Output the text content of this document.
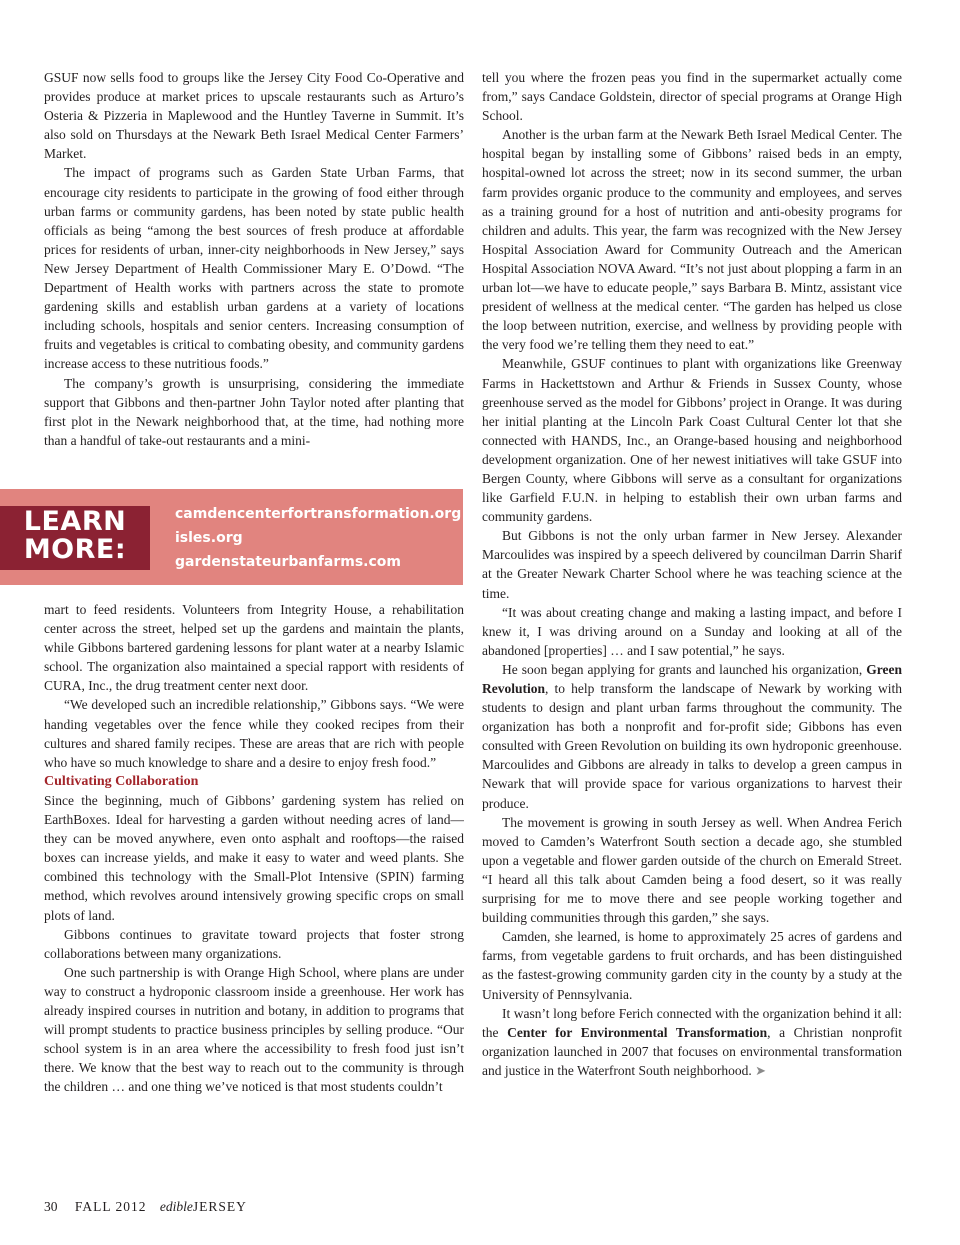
GSUF now sells food to groups like the Jersey City Food Co-Operative and provides produce at market prices to upscale restaurants such as Arturo’s Osteria & Pizzeria in Maplewood and the Huntley Taverne in Summit. It’s also sold on Thursdays at the Newark Beth Israel Medical Center Farmers’ Market.

The impact of programs such as Garden State Urban Farms, that encourage city residents to participate in the growing of food either through urban farms or community gardens, has been noted by state public health officials as being “among the best sources of fresh produce at affordable prices for residents of urban, inner-city neighborhoods in New Jersey,” says New Jersey Department of Health Commissioner Mary E. O’Dowd. “The Department of Health works with partners across the state to promote gardening skills and establish urban gardens at a variety of locations including schools, hospitals and senior centers. Increasing consumption of fruits and vegetables is critical to combating obesity, and community gardens increase access to these nutritious foods.”

The company’s growth is unsurprising, considering the immediate support that Gibbons and then-partner John Taylor noted after planting that first plot in the Newark neighborhood that, at the time, had nothing more than a handful of take-out restaurants and a mini-

LEARN
MORE:
camdencenterfortransformation.org
isles.org
gardenstateurbanfarms.com

mart to feed residents. Volunteers from Integrity House, a rehabilitation center across the street, helped set up the gardens and maintain the plants, while Gibbons bartered gardening lessons for plant water at a nearby Islamic school. The organization also maintained a special rapport with residents of CURA, Inc., the drug treatment center next door.

“We developed such an incredible relationship,” Gibbons says. “We were handing vegetables over the fence while they cooked recipes from their cultures and shared family recipes. These are areas that are rich with people who have so much knowledge to share and a desire to enjoy fresh food.”

Cultivating Collaboration

Since the beginning, much of Gibbons’ gardening system has relied on EarthBoxes. Ideal for harvesting a garden without needing acres of land—they can be moved anywhere, even onto asphalt and rooftops—the raised boxes can increase yields, and make it easy to water and weed plants. She combined this technology with the Small-Plot Intensive (SPIN) farming method, which revolves around intensively growing specific crops on small plots of land.

Gibbons continues to gravitate toward projects that foster strong collaborations between many organizations.

One such partnership is with Orange High School, where plans are under way to construct a hydroponic classroom inside a greenhouse. Her work has already inspired courses in nutrition and botany, in addition to programs that will prompt students to practice business principles by selling produce. “Our school system is in an area where the accessibility to fresh food just isn’t there. We know that the best way to reach out to the community is through the children … and one thing we’ve noticed is that most students couldn’t

tell you where the frozen peas you find in the supermarket actually come from,” says Candace Goldstein, director of special programs at Orange High School.

Another is the urban farm at the Newark Beth Israel Medical Center. The hospital began by installing some of Gibbons’ raised beds in an empty, hospital-owned lot across the street; now in its second summer, the urban farm provides organic produce to the community and employees, and serves as a training ground for a host of nutrition and anti-obesity programs for children and adults. This year, the farm was recognized with the New Jersey Hospital Association Award for Community Outreach and the American Hospital Association NOVA Award. “It’s not just about plopping a farm in an urban lot—we have to educate people,” says Barbara B. Mintz, assistant vice president of wellness at the medical center. “The garden has helped us close the loop between nutrition, exercise, and wellness by providing people with the very food we’re telling them they need to eat.”

Meanwhile, GSUF continues to plant with organizations like Greenway Farms in Hackettstown and Arthur & Friends in Sussex County, whose greenhouse served as the model for Gibbons’ project in Orange. It was during her initial planting at the Lincoln Park Coast Cultural Center lot that she connected with HANDS, Inc., an Orange-based housing and neighborhood development organization. One of her newest initiatives will take GSUF into Bergen County, where Gibbons will serve as a consultant for organizations like Garfield F.U.N. in helping to establish their own urban farms and community gardens.

But Gibbons is not the only urban farmer in New Jersey. Alexander Marcoulides was inspired by a speech delivered by councilman Darrin Sharif at the Greater Newark Charter School where he was teaching science at the time.

“It was about creating change and making a lasting impact, and before I knew it, I was driving around on a Sunday and looking at all of the abandoned [properties] … and I saw potential,” he says.

He soon began applying for grants and launched his organization, Green Revolution, to help transform the landscape of Newark by working with students to design and plant urban farms throughout the community. The organization has both a nonprofit and for-profit side; Gibbons has even consulted with Green Revolution on building its own hydroponic greenhouse. Marcoulides and Gibbons are already in talks to develop a green campus in Newark that will provide space for various organizations to harvest their produce.

The movement is growing in south Jersey as well. When Andrea Ferich moved to Camden’s Waterfront South section a decade ago, she stumbled upon a vegetable and flower garden outside of the church on Emerald Street. “I heard all this talk about Camden being a food desert, so it was really surprising for me to move there and see people working together and building communities through this garden,” she says.

Camden, she learned, is home to approximately 25 acres of gardens and farms, from vegetable gardens to fruit orchards, and has been distinguished as the fastest-growing community garden city in the county by a study at the University of Pennsylvania.

It wasn’t long before Ferich connected with the organization behind it all: the Center for Environmental Transformation, a Christian nonprofit organization launched in 2007 that focuses on environmental transformation and justice in the Waterfront South neighborhood. ➤

30 FALL 2012 edibleJERSEY
